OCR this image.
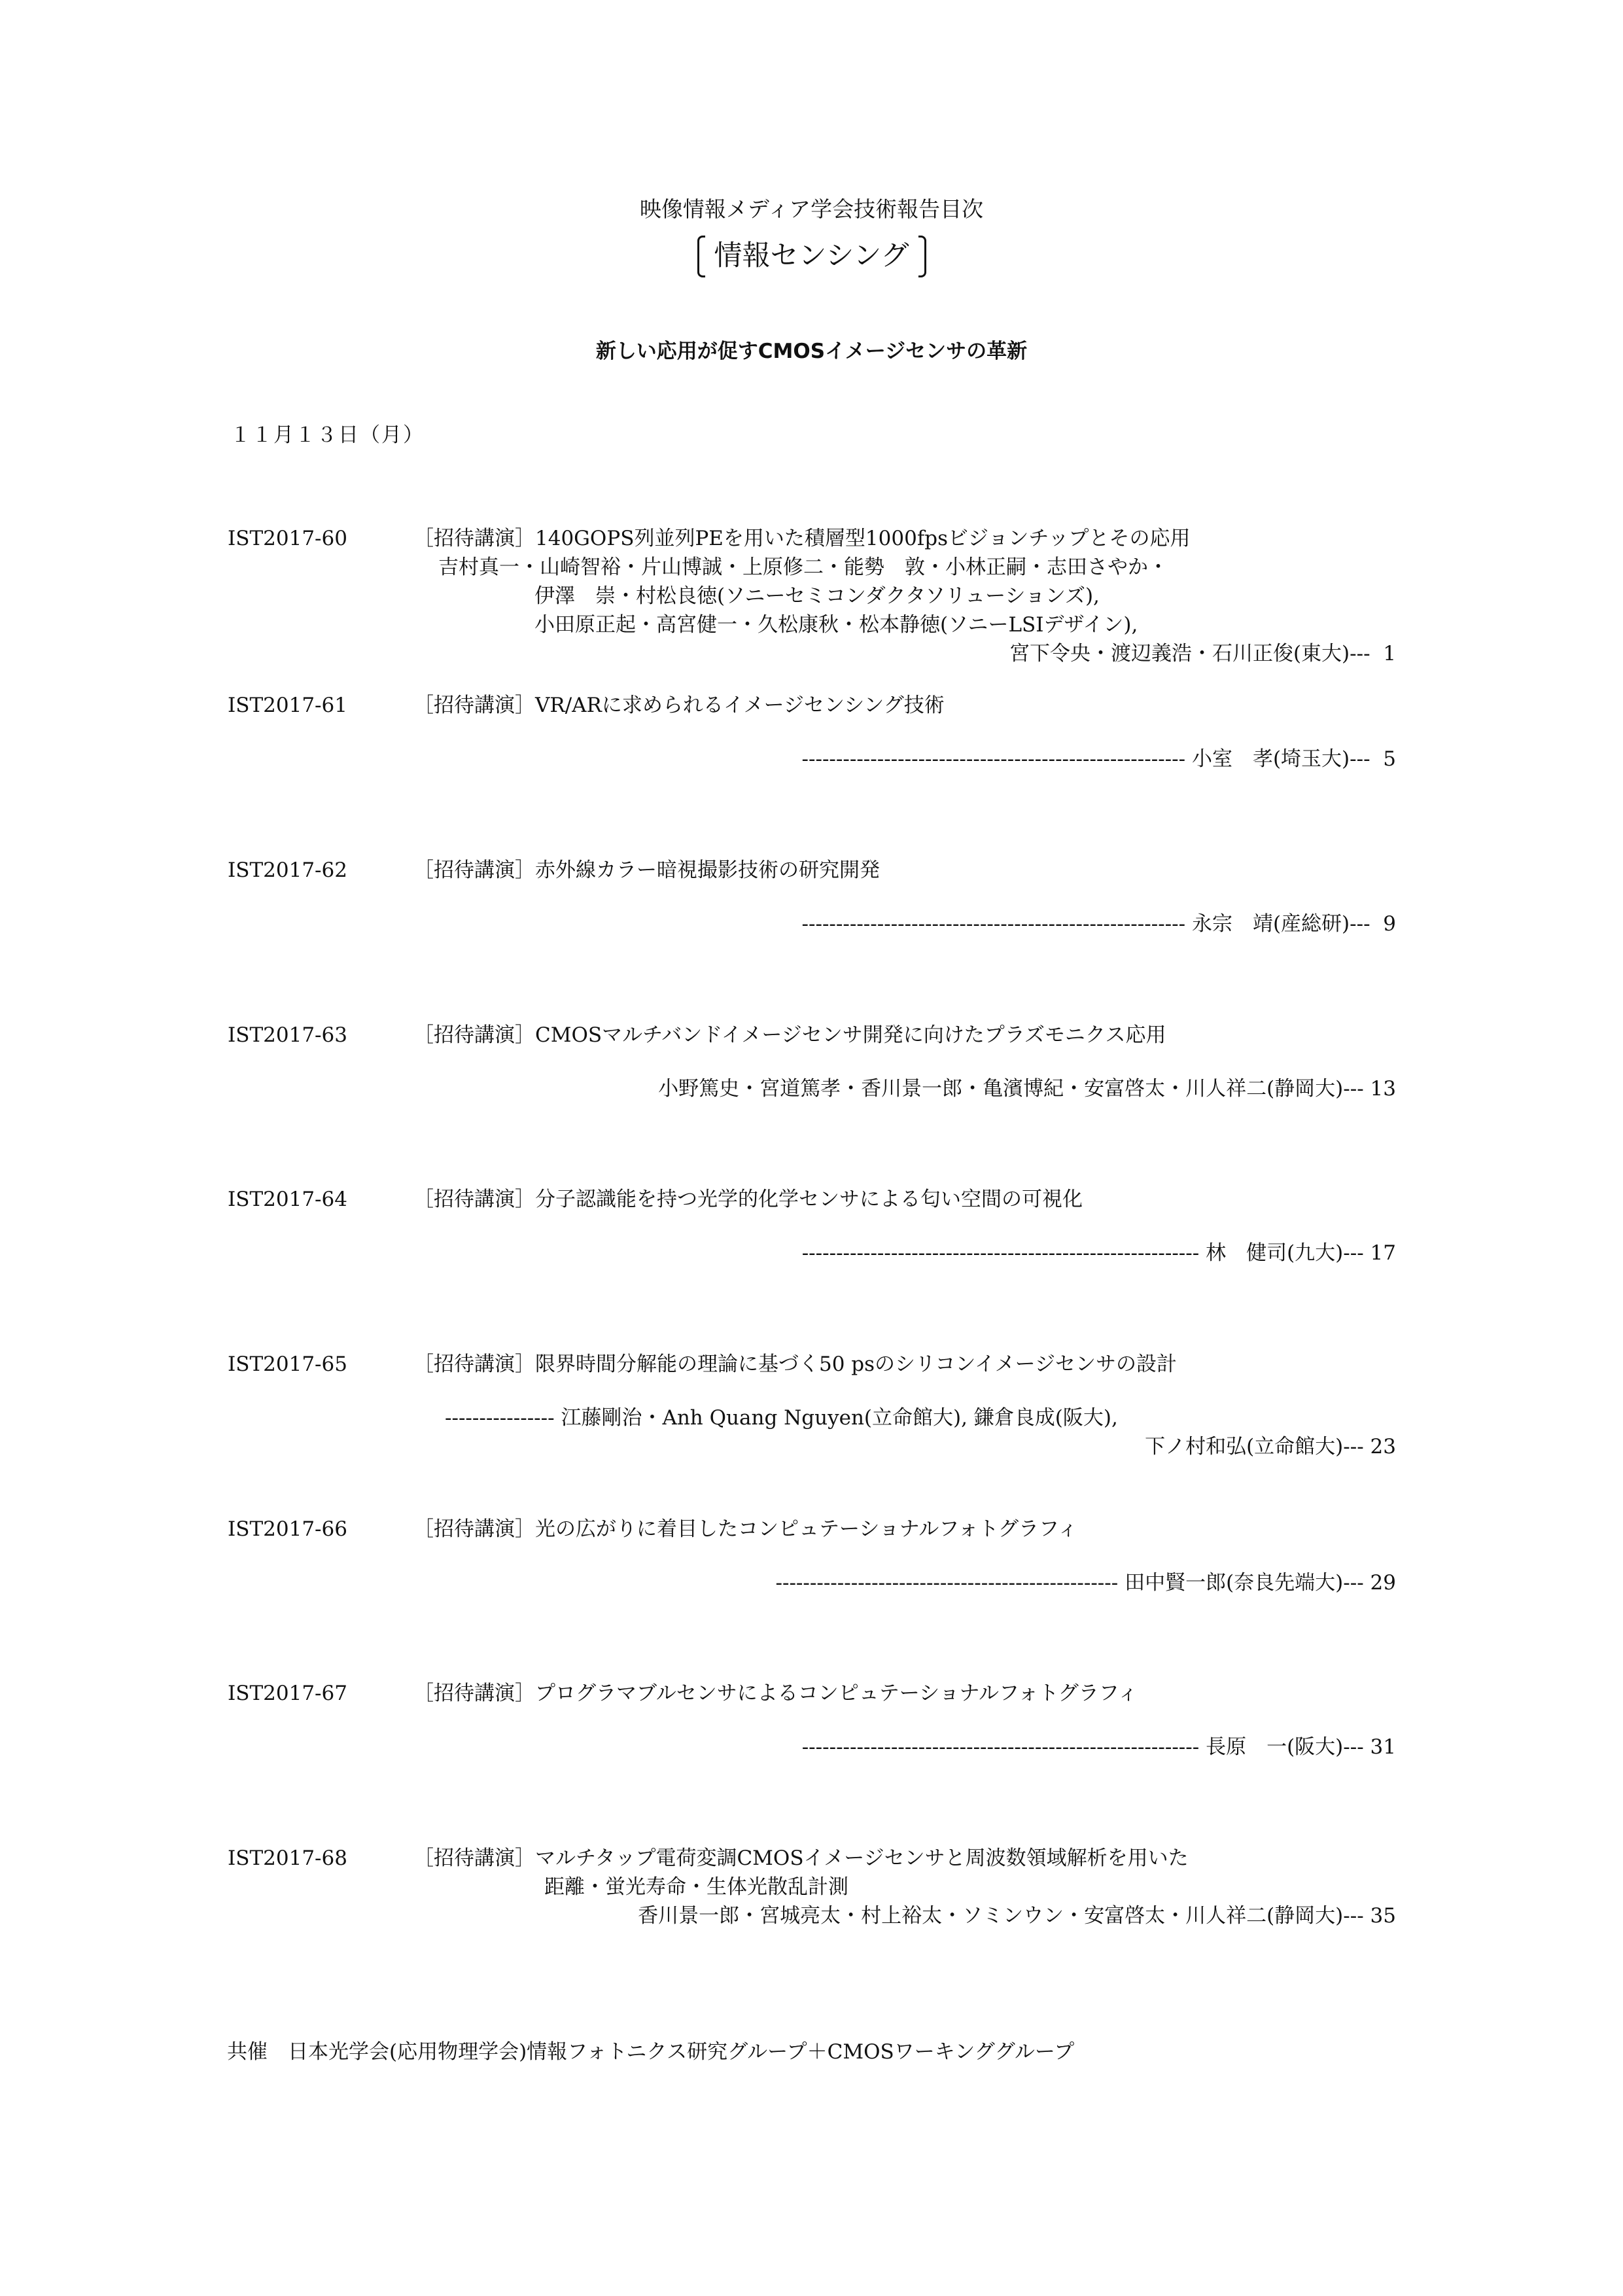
映像情報メディア学会技術報告目次
情報センシング
新しい応用が促すCMOSイメージセンサの革新
１１月１３日（月）
IST2017-60	［招待講演］140GOPS列並列PEを用いた積層型1000fpsビジョンチップとその応用
吉村真一・山崎智裕・片山博誠・上原修二・能勢　敦・小林正嗣・志田さやか・
伊澤　崇・村松良徳(ソニーセミコンダクタソリューションズ),
小田原正起・高宮健一・久松康秋・松本静徳(ソニーLSIデザイン),
宮下令央・渡辺義浩・石川正俊(東大)---  1
IST2017-61	［招待講演］VR/ARに求められるイメージセンシング技術
-------------------------------------------------------- 小室　孝(埼玉大)---  5
IST2017-62	［招待講演］赤外線カラー暗視撮影技術の研究開発
-------------------------------------------------------- 永宗　靖(産総研)---  9
IST2017-63	［招待講演］CMOSマルチバンドイメージセンサ開発に向けたプラズモニクス応用
小野篤史・宮道篤孝・香川景一郎・亀濱博紀・安富啓太・川人祥二(静岡大)--- 13
IST2017-64	［招待講演］分子認識能を持つ光学的化学センサによる匂い空間の可視化
---------------------------------------------------------- 林　健司(九大)--- 17
IST2017-65	［招待講演］限界時間分解能の理論に基づく50 psのシリコンイメージセンサの設計
---------------- 江藤剛治・Anh Quang Nguyen(立命館大), 鎌倉良成(阪大),
下ノ村和弘(立命館大)--- 23
IST2017-66	［招待講演］光の広がりに着目したコンピュテーショナルフォトグラフィ
-------------------------------------------------- 田中賢一郎(奈良先端大)--- 29
IST2017-67	［招待講演］プログラマブルセンサによるコンピュテーショナルフォトグラフィ
---------------------------------------------------------- 長原　一(阪大)--- 31
IST2017-68	［招待講演］マルチタップ電荷変調CMOSイメージセンサと周波数領域解析を用いた
距離・蛍光寿命・生体光散乱計測
香川景一郎・宮城亮太・村上裕太・ソミンウン・安富啓太・川人祥二(静岡大)--- 35
共催　日本光学会(応用物理学会)情報フォトニクス研究グループ＋CMOSワーキンググループ
